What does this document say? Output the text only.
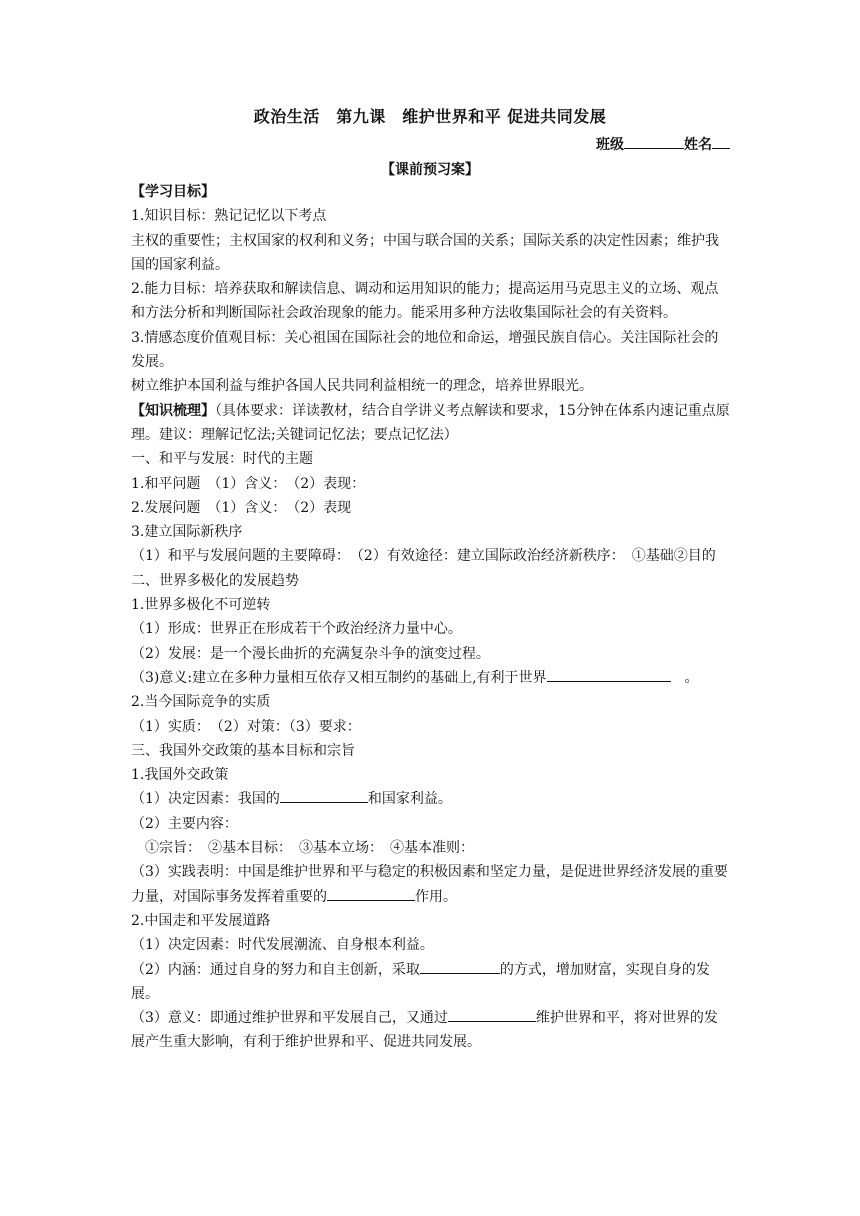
政治生活　第九课　维护世界和平 促进共同发展
班级	姓名
【课前预习案】
【学习目标】
1.知识目标：熟记记忆以下考点
主权的重要性；主权国家的权利和义务；中国与联合国的关系；国际关系的决定性因素；维护我国的国家利益。
2.能力目标：培养获取和解读信息、调动和运用知识的能力；提高运用马克思主义的立场、观点和方法分析和判断国际社会政治现象的能力。能采用多种方法收集国际社会的有关资料。
3.情感态度价值观目标：关心祖国在国际社会的地位和命运，增强民族自信心。关注国际社会的发展。
树立维护本国利益与维护各国人民共同利益相统一的理念，培养世界眼光。
【知识梳理】（具体要求：详读教材，结合自学讲义考点解读和要求，15分钟在体系内速记重点原理。建议：理解记忆法;关键词记忆法；要点记忆法）
一、和平与发展：时代的主题
1.和平问题　（1）含义：　（2）表现：
2.发展问题　（1）含义：　（2）表现
3.建立国际新秩序
（1）和平与发展问题的主要障碍：　（2）有效途径：建立国际政治经济新秩序：　①基础②目的
二、世界多极化的发展趋势
1.世界多极化不可逆转
（1）形成：世界正在形成若干个政治经济力量中心。
（2）发展：是一个漫长曲折的充满复杂斗争的演变过程。
（3)意义:建立在多种力量相互依存又相互制约的基础上,有利于世界	　。
2.当今国际竞争的实质
（1）实质：　（2）对策：（3）要求：
三、我国外交政策的基本目标和宗旨
1.我国外交政策
（1）决定因素：我国的	和国家利益。
（2）主要内容：
　①宗旨：　②基本目标：　③基本立场：　④基本准则：
（3）实践表明：中国是维护世界和平与稳定的积极因素和坚定力量，是促进世界经济发展的重要力量，对国际事务发挥着重要的	作用。
2.中国走和平发展道路
（1）决定因素：时代发展潮流、自身根本利益。
（2）内涵：通过自身的努力和自主创新，采取	的方式，增加财富，实现自身的发展。
（3）意义：即通过维护世界和平发展自己，又通过	维护世界和平，将对世界的发展产生重大影响，有利于维护世界和平、促进共同发展。
